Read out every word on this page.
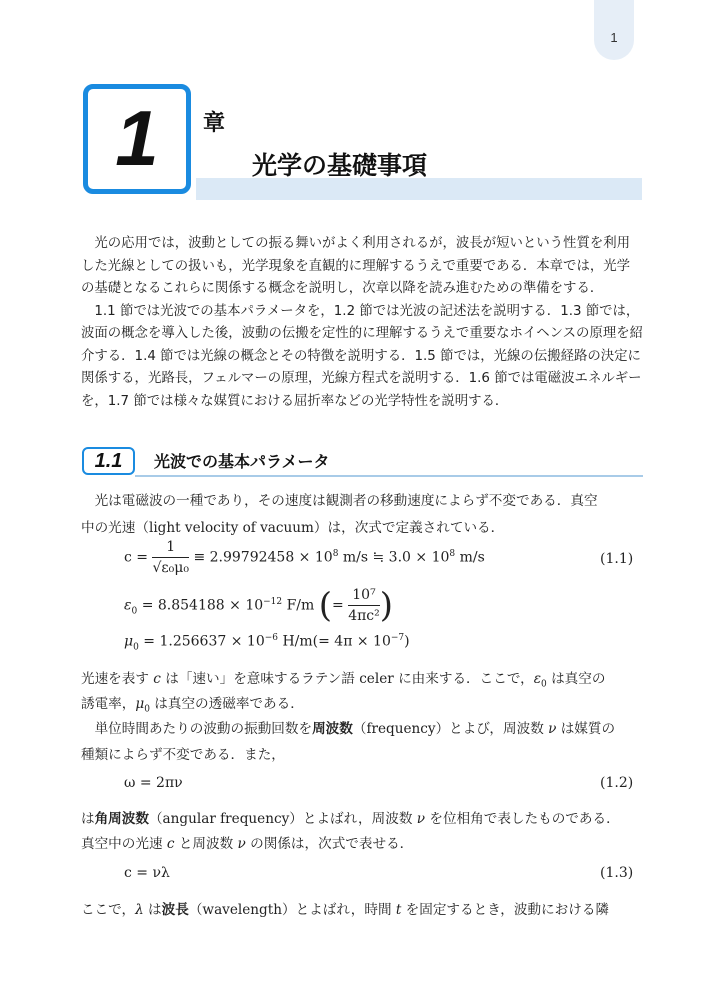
1
1	章
光学の基礎事項

光の応用では，波動としての振る舞いがよく利用されるが，波長が短いという性質を利用した光線としての扱いも，光学現象を直観的に理解するうえで重要である．本章では，光学の基礎となるこれらに関係する概念を説明し，次章以降を読み進むための準備をする．

1.1 節では光波での基本パラメータを，1.2 節では光波の記述法を説明する．1.3 節では，波面の概念を導入した後，波動の伝搬を定性的に理解するうえで重要なホイヘンスの原理を紹介する．1.4 節では光線の概念とその特徴を説明する．1.5 節では，光線の伝搬経路の決定に関係する，光路長，フェルマーの原理，光線方程式を説明する．1.6 節では電磁波エネルギーを，1.7 節では様々な媒質における屈折率などの光学特性を説明する．

1.1	光波での基本パラメータ
光は電磁波の一種であり，その速度は観測者の移動速度によらず不変である．真空
中の光速（light velocity of vacuum）は，次式で定義されている．
$c = \frac{1}{\text{√ε₀μ₀}} \equiv 2.99792458 \times 10^8$ m/s ≒ $3.0 \times 10^8$ m/s	(1.1)
$\varepsilon_0 = 8.854188 \times 10^{-12}$ F/m (= $\frac{\text{10⁷}}{\text{4πc²}}$ )
$\mu_0 = 1.256637 \times 10^{-6}$ $H/m(= 4\pi \times 10^{-7})$
光速を表す c は「速い」を意味するラテン語 celer に由来する．ここで，$\varepsilon_0$ は真空の
誘電率，$\mu_0$ は真空の透磁率である．
単位時間あたりの波動の振動回数を周波数（frequency）とよび，周波数 ν は媒質の
種類によらず不変である．また，
ω = 2πν	(1.2)
は角周波数（angular frequency）とよばれ，周波数 ν を位相角で表したものである．
真空中の光速 c と周波数 ν の関係は，次式で表せる．
c = νλ	(1.3)
ここで，λ は波長（wavelength）とよばれ，時間 t を固定するとき，波動における隣
